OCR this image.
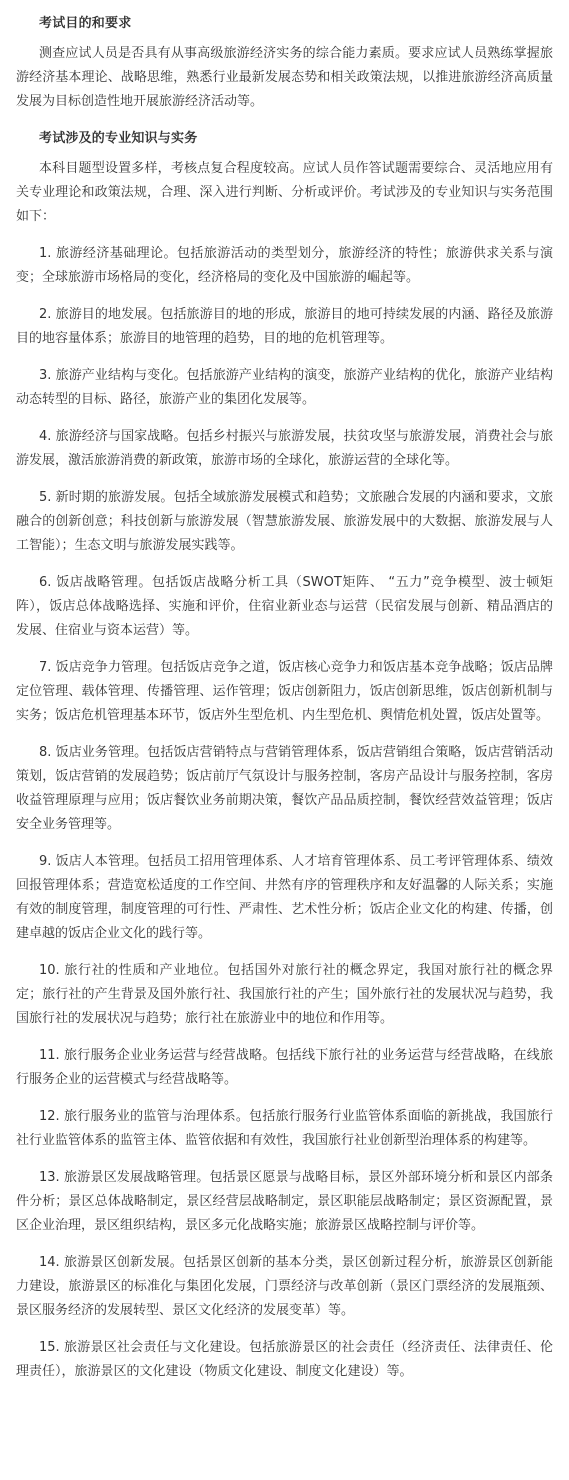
考试目的和要求

测查应试人员是否具有从事高级旅游经济实务的综合能力素质。要求应试人员熟练掌握旅游经济基本理论、战略思维，熟悉行业最新发展态势和相关政策法规，以推进旅游经济高质量发展为目标创造性地开展旅游经济活动等。

考试涉及的专业知识与实务

本科目题型设置多样，考核点复合程度较高。应试人员作答试题需要综合、灵活地应用有关专业理论和政策法规，合理、深入进行判断、分析或评价。考试涉及的专业知识与实务范围如下：

1. 旅游经济基础理论。包括旅游活动的类型划分，旅游经济的特性；旅游供求关系与演变；全球旅游市场格局的变化，经济格局的变化及中国旅游的崛起等。

2. 旅游目的地发展。包括旅游目的地的形成，旅游目的地可持续发展的内涵、路径及旅游目的地容量体系；旅游目的地管理的趋势，目的地的危机管理等。

3. 旅游产业结构与变化。包括旅游产业结构的演变，旅游产业结构的优化，旅游产业结构动态转型的目标、路径，旅游产业的集团化发展等。

4. 旅游经济与国家战略。包括乡村振兴与旅游发展，扶贫攻坚与旅游发展，消费社会与旅游发展，激活旅游消费的新政策，旅游市场的全球化，旅游运营的全球化等。

5. 新时期的旅游发展。包括全域旅游发展模式和趋势；文旅融合发展的内涵和要求，文旅融合的创新创意；科技创新与旅游发展（智慧旅游发展、旅游发展中的大数据、旅游发展与人工智能）；生态文明与旅游发展实践等。

6. 饭店战略管理。包括饭店战略分析工具（SWOT矩阵、 “五力”竞争模型、波士顿矩阵），饭店总体战略选择、实施和评价，住宿业新业态与运营（民宿发展与创新、精品酒店的发展、住宿业与资本运营）等。

7. 饭店竞争力管理。包括饭店竞争之道，饭店核心竞争力和饭店基本竞争战略；饭店品牌定位管理、载体管理、传播管理、运作管理；饭店创新阻力，饭店创新思维，饭店创新机制与实务；饭店危机管理基本环节，饭店外生型危机、内生型危机、舆情危机处置，饭店处置等。

8. 饭店业务管理。包括饭店营销特点与营销管理体系，饭店营销组合策略，饭店营销活动策划，饭店营销的发展趋势；饭店前厅气氛设计与服务控制，客房产品设计与服务控制，客房收益管理原理与应用；饭店餐饮业务前期决策，餐饮产品品质控制，餐饮经营效益管理；饭店安全业务管理等。

9. 饭店人本管理。包括员工招用管理体系、人才培育管理体系、员工考评管理体系、绩效回报管理体系；营造宽松适度的工作空间、井然有序的管理秩序和友好温馨的人际关系；实施有效的制度管理，制度管理的可行性、严肃性、艺术性分析；饭店企业文化的构建、传播，创建卓越的饭店企业文化的践行等。

10. 旅行社的性质和产业地位。包括国外对旅行社的概念界定，我国对旅行社的概念界定；旅行社的产生背景及国外旅行社、我国旅行社的产生；国外旅行社的发展状况与趋势，我国旅行社的发展状况与趋势；旅行社在旅游业中的地位和作用等。

11. 旅行服务企业业务运营与经营战略。包括线下旅行社的业务运营与经营战略，在线旅行服务企业的运营模式与经营战略等。

12. 旅行服务业的监管与治理体系。包括旅行服务行业监管体系面临的新挑战，我国旅行社行业监管体系的监管主体、监管依据和有效性，我国旅行社业创新型治理体系的构建等。

13. 旅游景区发展战略管理。包括景区愿景与战略目标，景区外部环境分析和景区内部条件分析；景区总体战略制定，景区经营层战略制定，景区职能层战略制定；景区资源配置，景区企业治理，景区组织结构，景区多元化战略实施；旅游景区战略控制与评价等。

14. 旅游景区创新发展。包括景区创新的基本分类，景区创新过程分析，旅游景区创新能力建设，旅游景区的标准化与集团化发展，门票经济与改革创新（景区门票经济的发展瓶颈、景区服务经济的发展转型、景区文化经济的发展变革）等。

15. 旅游景区社会责任与文化建设。包括旅游景区的社会责任（经济责任、法律责任、伦理责任），旅游景区的文化建设（物质文化建设、制度文化建设）等。
